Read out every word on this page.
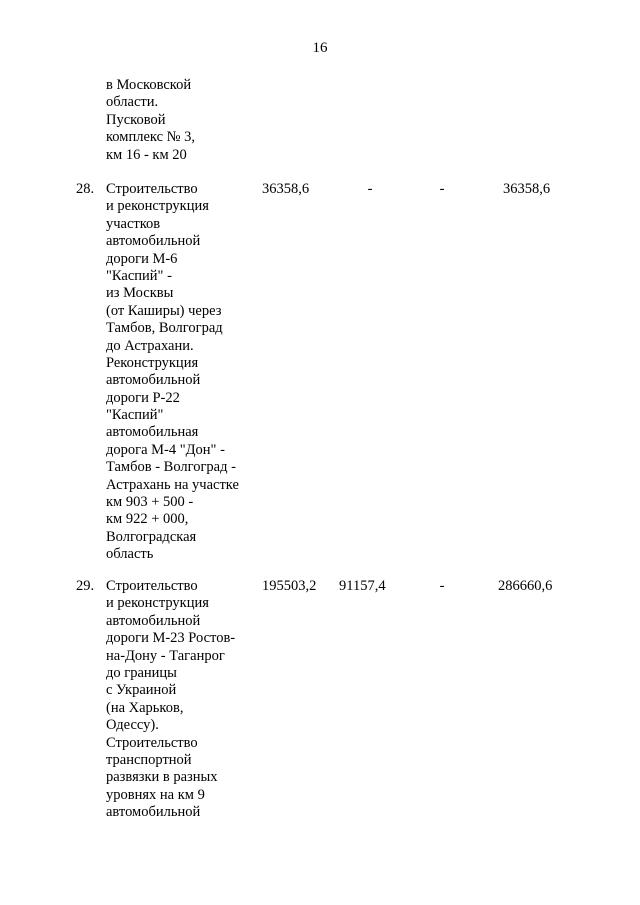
16
в Московской
области.
Пусковой
комплекс № 3,
км 16 - км 20
28. Строительство
и реконструкция
участков
автомобильной
дороги М-6
"Каспий" -
из Москвы
(от Каширы) через
Тамбов, Волгоград
до Астрахани.
Реконструкция
автомобильной
дороги Р-22
"Каспий"
автомобильная
дорога М-4 "Дон" -
Тамбов - Волгоград -
Астрахань на участке
км 903 + 500 -
км 922 + 000,
Волгоградская
область
36358,6	-	-	36358,6
29. Строительство
и реконструкция
автомобильной
дороги М-23 Ростов-
на-Дону - Таганрог
до границы
с Украиной
(на Харьков,
Одессу).
Строительство
транспортной
развязки в разных
уровнях на км 9
автомобильной
195503,2 91157,4	-	286660,6
